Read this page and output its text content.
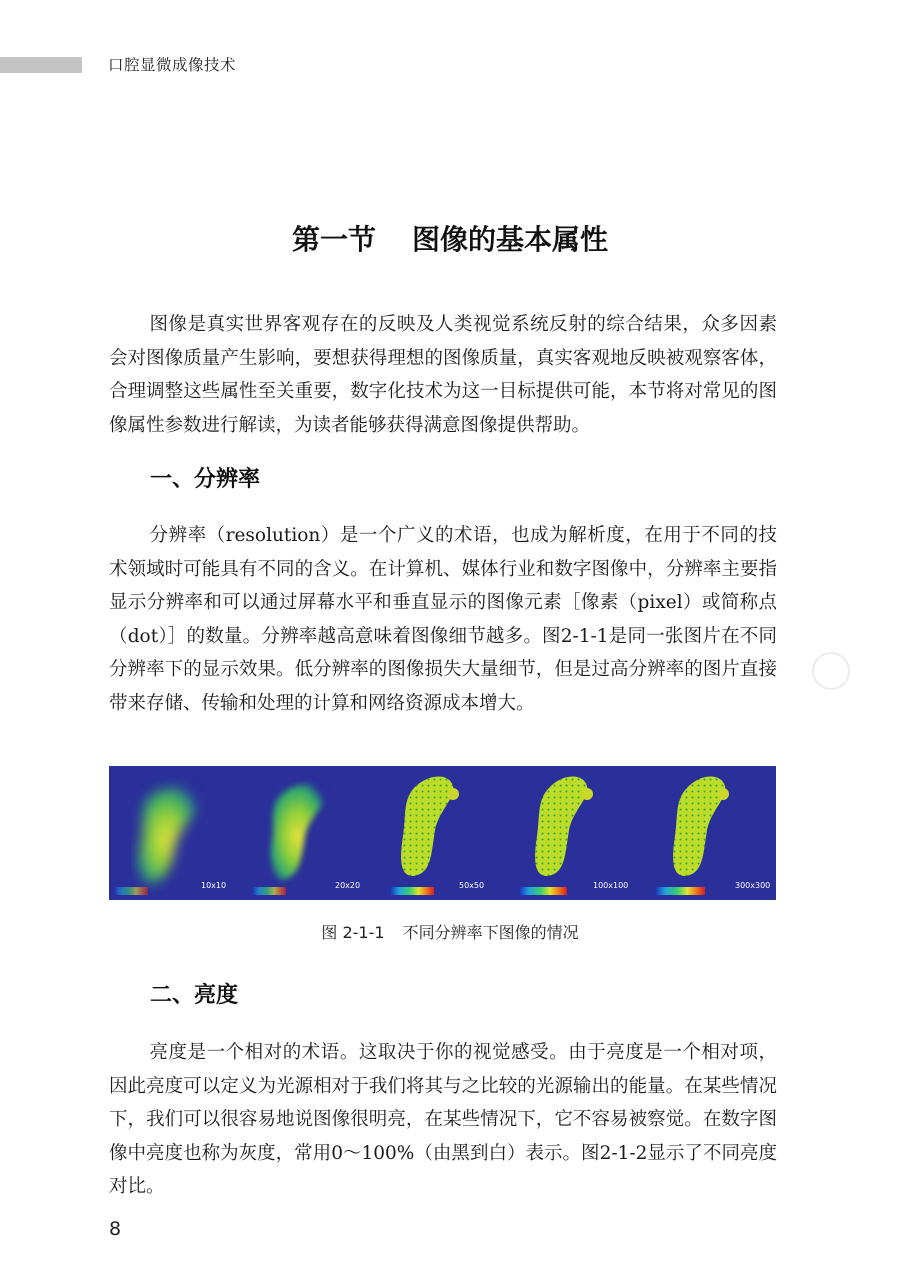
口腔显微成像技术
第一节 图像的基本属性

图像是真实世界客观存在的反映及人类视觉系统反射的综合结果，众多因素会对图像质量产生影响，要想获得理想的图像质量，真实客观地反映被观察客体，合理调整这些属性至关重要，数字化技术为这一目标提供可能，本节将对常见的图像属性参数进行解读，为读者能够获得满意图像提供帮助。

一、分辨率

分辨率（resolution）是一个广义的术语，也成为解析度，在用于不同的技术领域时可能具有不同的含义。在计算机、媒体行业和数字图像中，分辨率主要指显示分辨率和可以通过屏幕水平和垂直显示的图像元素［像素（pixel）或简称点（dot）］的数量。分辨率越高意味着图像细节越多。图2-1-1是同一张图片在不同分辨率下的显示效果。低分辨率的图像损失大量细节，但是过高分辨率的图片直接带来存储、传输和处理的计算和网络资源成本增大。

10x10	20x20	50x50	100x100	300x300
图 2-1-1 不同分辨率下图像的情况
二、亮度

亮度是一个相对的术语。这取决于你的视觉感受。由于亮度是一个相对项，因此亮度可以定义为光源相对于我们将其与之比较的光源输出的能量。在某些情况下，我们可以很容易地说图像很明亮，在某些情况下，它不容易被察觉。在数字图像中亮度也称为灰度，常用0～100%（由黑到白）表示。图2-1-2显示了不同亮度对比。

8
